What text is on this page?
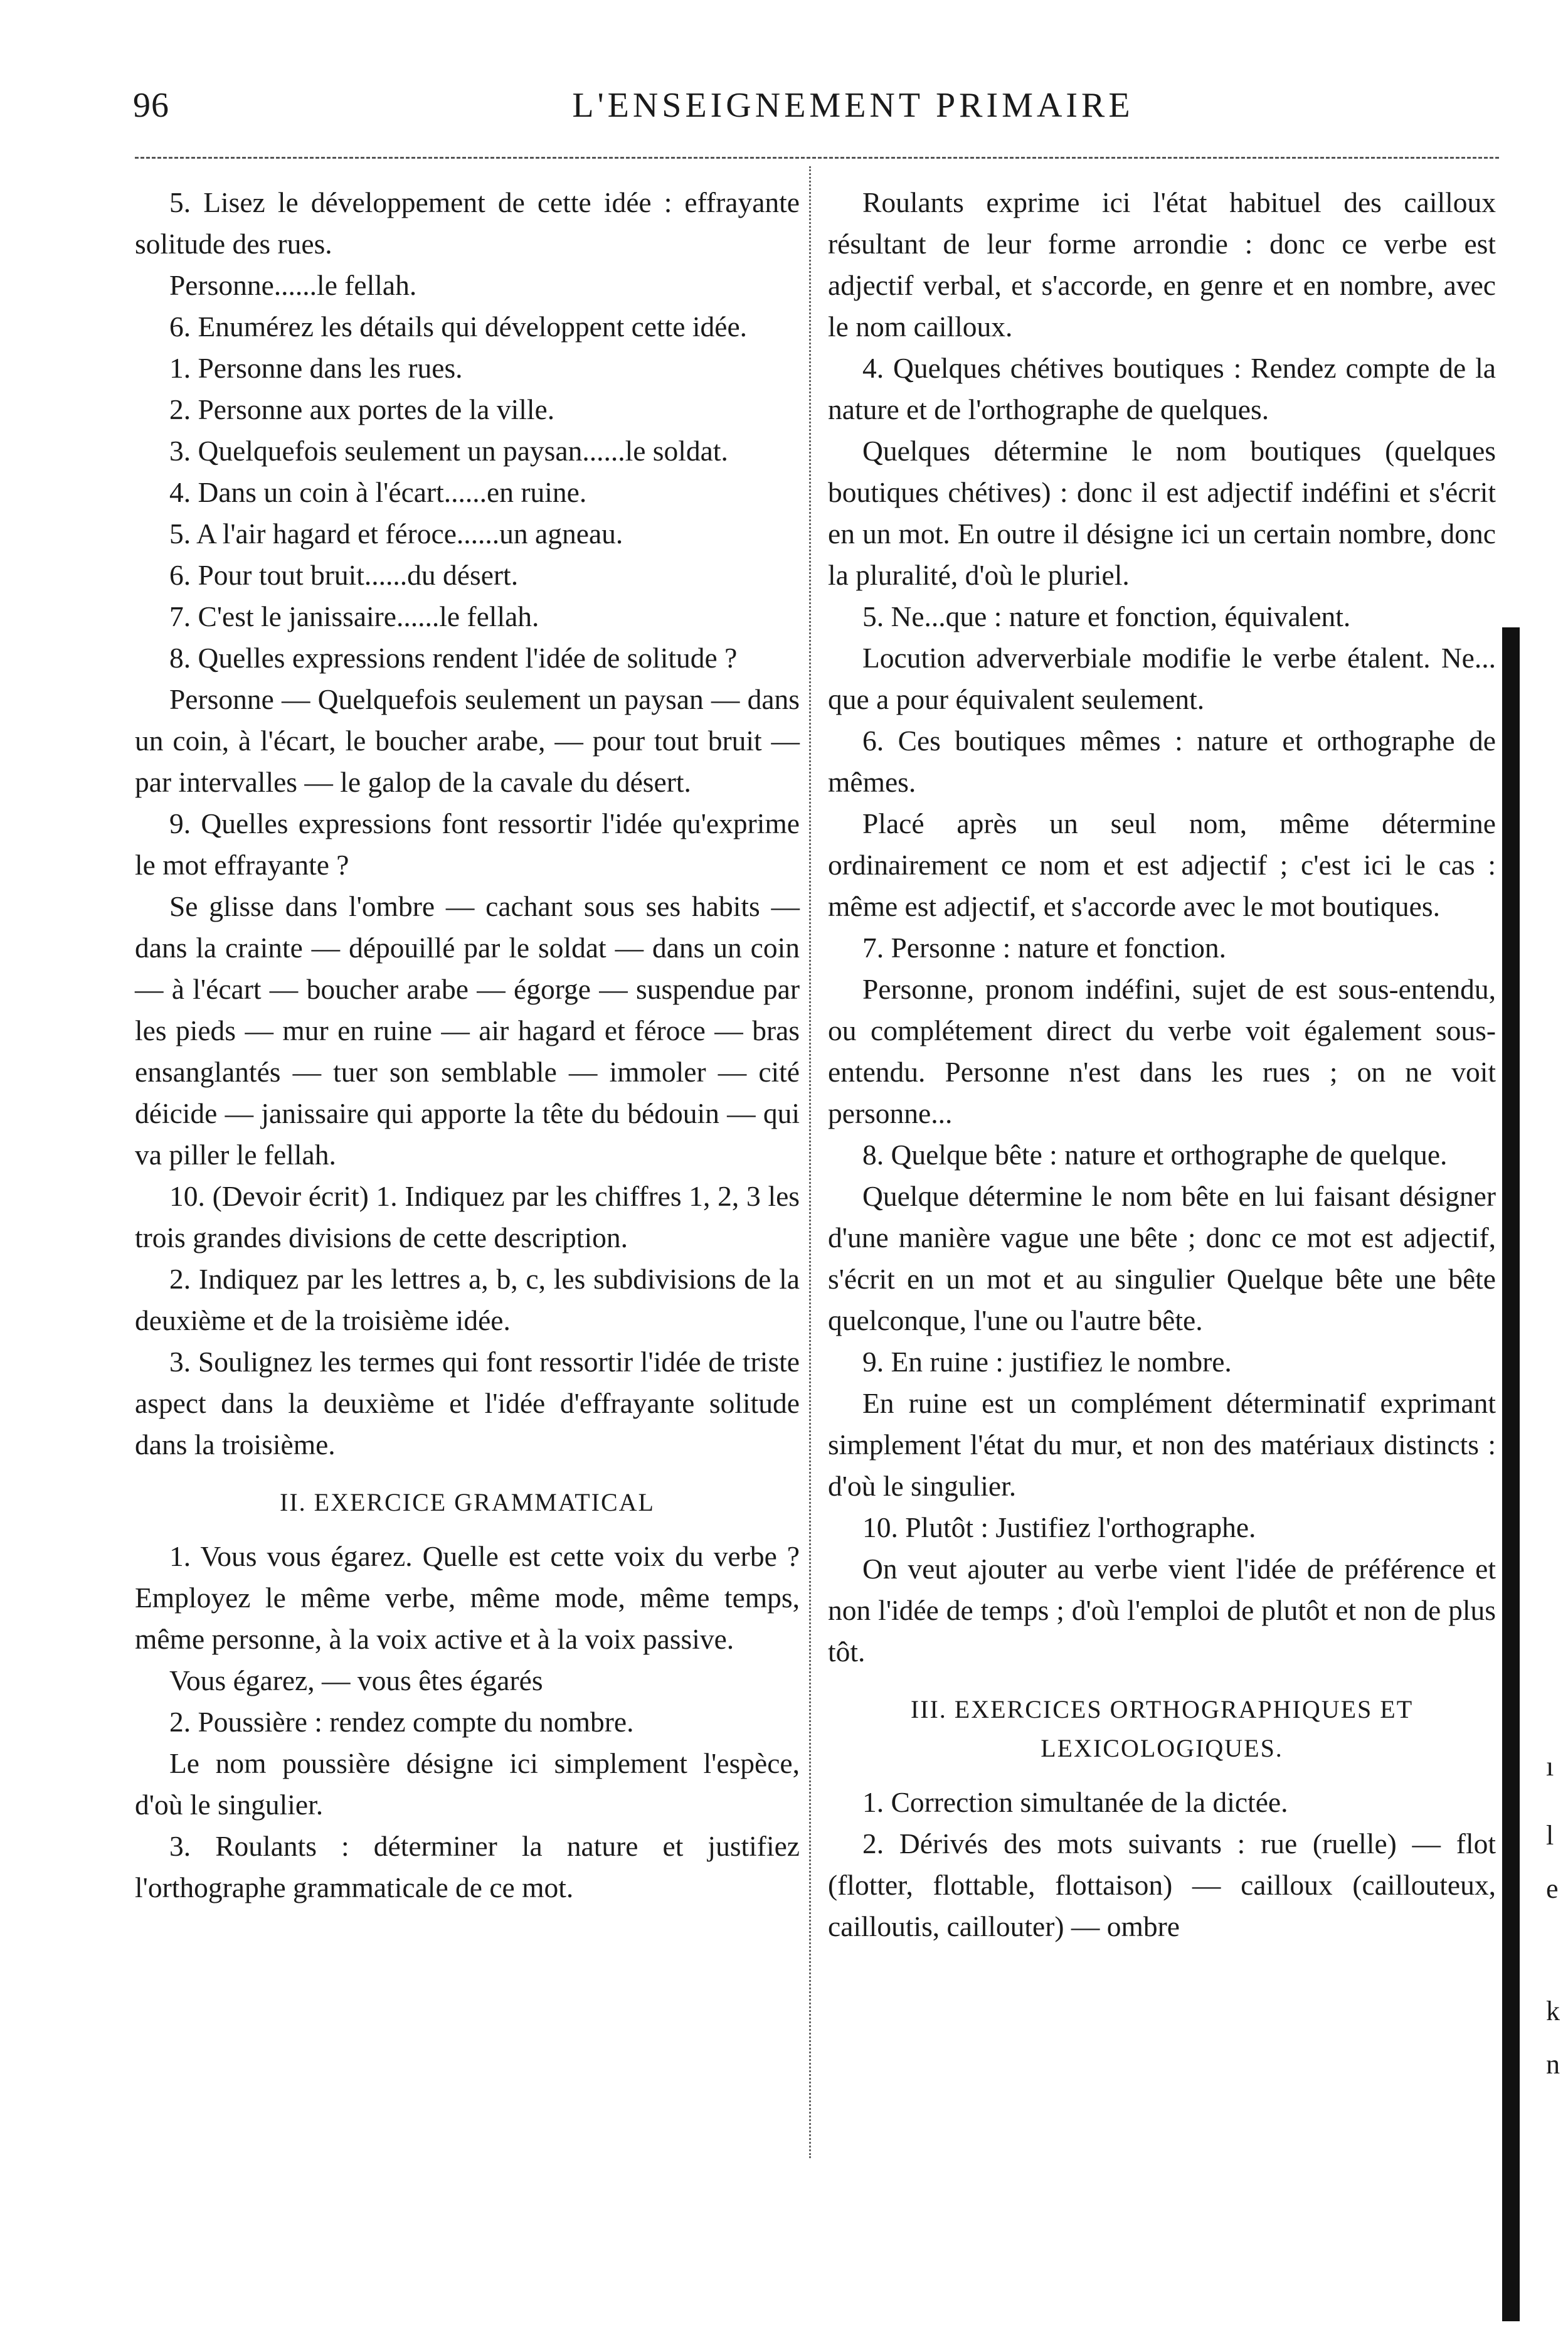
96	L'ENSEIGNEMENT PRIMAIRE

5. Lisez le développement de cette idée : effrayante solitude des rues.

Personne......le fellah.

6. Enumérez les détails qui développent cette idée.

1. Personne dans les rues.

2. Personne aux portes de la ville.

3. Quelquefois seulement un paysan......le soldat.

4. Dans un coin à l'écart......en ruine.

5. A l'air hagard et féroce......un agneau.

6. Pour tout bruit......du désert.

7. C'est le janissaire......le fellah.

8. Quelles expressions rendent l'idée de solitude ?

Personne — Quelquefois seulement un paysan — dans un coin, à l'écart, le boucher arabe, — pour tout bruit — par intervalles — le galop de la cavale du désert.

9. Quelles expressions font ressortir l'idée qu'exprime le mot effrayante ?

Se glisse dans l'ombre — cachant sous ses habits — dans la crainte — dépouillé par le soldat — dans un coin — à l'écart — boucher arabe — égorge — suspendue par les pieds — mur en ruine — air hagard et féroce — bras ensanglantés — tuer son semblable — immoler — cité déicide — janissaire qui apporte la tête du bédouin — qui va piller le fellah.

10. (Devoir écrit) 1. Indiquez par les chiffres 1, 2, 3 les trois grandes divisions de cette description.

2. Indiquez par les lettres a, b, c, les subdivisions de la deuxième et de la troisième idée.

3. Soulignez les termes qui font ressortir l'idée de triste aspect dans la deuxième et l'idée d'effrayante solitude dans la troisième.

II. EXERCICE GRAMMATICAL

1. Vous vous égarez. Quelle est cette voix du verbe ? Employez le même verbe, même mode, même temps, même personne, à la voix active et à la voix passive.

Vous égarez, — vous êtes égarés

2. Poussière : rendez compte du nombre.

Le nom poussière désigne ici simplement l'espèce, d'où le singulier.

3. Roulants : déterminer la nature et justifiez l'orthographe grammaticale de ce mot.

Roulants exprime ici l'état habituel des cailloux résultant de leur forme arrondie : donc ce verbe est adjectif verbal, et s'accorde, en genre et en nombre, avec le nom cailloux.

4. Quelques chétives boutiques : Rendez compte de la nature et de l'orthographe de quelques.

Quelques détermine le nom boutiques (quelques boutiques chétives) : donc il est adjectif indéfini et s'écrit en un mot. En outre il désigne ici un certain nombre, donc la pluralité, d'où le pluriel.

5. Ne...que : nature et fonction, équivalent.

Locution adververbiale modifie le verbe étalent. Ne... que a pour équivalent seulement.

6. Ces boutiques mêmes : nature et orthographe de mêmes.

Placé après un seul nom, même détermine ordinairement ce nom et est adjectif ; c'est ici le cas : même est adjectif, et s'accorde avec le mot boutiques.

7. Personne : nature et fonction.

Personne, pronom indéfini, sujet de est sous-entendu, ou complétement direct du verbe voit également sous-entendu. Personne n'est dans les rues ; on ne voit personne...

8. Quelque bête : nature et orthographe de quelque.

Quelque détermine le nom bête en lui faisant désigner d'une manière vague une bête ; donc ce mot est adjectif, s'écrit en un mot et au singulier Quelque bête une bête quelconque, l'une ou l'autre bête.

9. En ruine : justifiez le nombre.

En ruine est un complément déterminatif exprimant simplement l'état du mur, et non des matériaux distincts : d'où le singulier.

10. Plutôt : Justifiez l'orthographe.

On veut ajouter au verbe vient l'idée de préférence et non l'idée de temps ; d'où l'emploi de plutôt et non de plus tôt.

III. EXERCICES ORTHOGRAPHIQUES ET LEXICOLOGIQUES.

1. Correction simultanée de la dictée.

2. Dérivés des mots suivants : rue (ruelle) — flot (flotter, flottable, flottaison) — cailloux (caillouteux, cailloutis, caillouter) — ombre

ı
l
e
k
n
